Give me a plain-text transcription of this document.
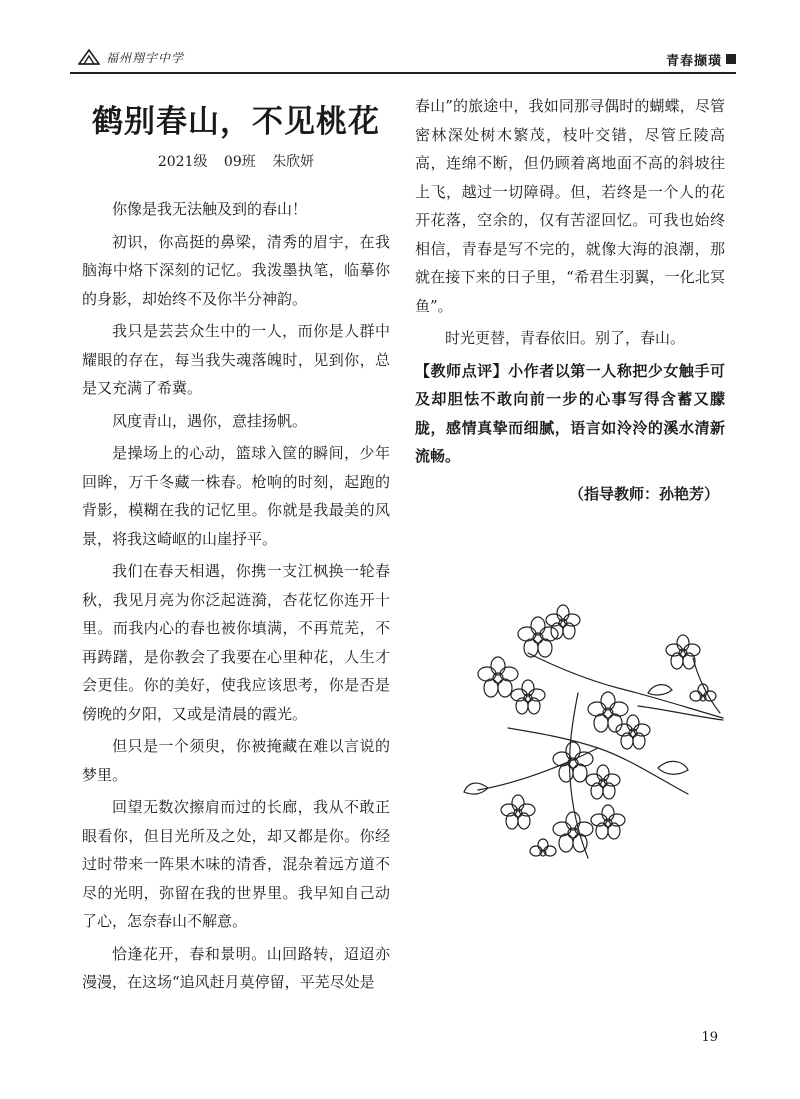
福州翔宇中学	青春撷璜
鹤别春山，不见桃花
2021级 09班 朱欣妍

你像是我无法触及到的春山！

初识，你高挺的鼻梁，清秀的眉宇，在我脑海中烙下深刻的记忆。我泼墨执笔，临摹你的身影，却始终不及你半分神韵。

我只是芸芸众生中的一人，而你是人群中耀眼的存在，每当我失魂落魄时，见到你，总是又充满了希冀。

风度青山，遇你，意挂扬帆。

是操场上的心动，篮球入筐的瞬间，少年回眸，万千冬藏一株春。枪响的时刻，起跑的背影，模糊在我的记忆里。你就是我最美的风景，将我这崎岖的山崖抒平。

我们在春天相遇，你携一支江枫换一轮春秋，我见月亮为你泛起涟漪，杏花忆你连开十里。而我内心的春也被你填满，不再荒芜，不再踌躇，是你教会了我要在心里种花，人生才会更佳。你的美好，使我应该思考，你是否是傍晚的夕阳，又或是清晨的霞光。

但只是一个须臾，你被掩藏在难以言说的梦里。

回望无数次擦肩而过的长廊，我从不敢正眼看你，但目光所及之处，却又都是你。你经过时带来一阵果木味的清香，混杂着远方道不尽的光明，弥留在我的世界里。我早知自己动了心，怎奈春山不解意。

恰逢花开，春和景明。山回路转，迢迢亦漫漫，在这场“追风赶月莫停留，平芜尽处是

春山”的旅途中，我如同那寻偶时的蝴蝶，尽管密林深处树木繁茂，枝叶交错，尽管丘陵高高，连绵不断，但仍顾着离地面不高的斜坡往上飞，越过一切障碍。但，若终是一个人的花开花落，空余的，仅有苦涩回忆。可我也始终相信，青春是写不完的，就像大海的浪潮，那就在接下来的日子里，“希君生羽翼，一化北冥鱼”。

时光更替，青春依旧。别了，春山。

【教师点评】小作者以第一人称把少女触手可及却胆怯不敢向前一步的心事写得含蓄又朦胧，感情真挚而细腻，语言如泠泠的溪水清新流畅。
（指导教师：孙艳芳）
19
